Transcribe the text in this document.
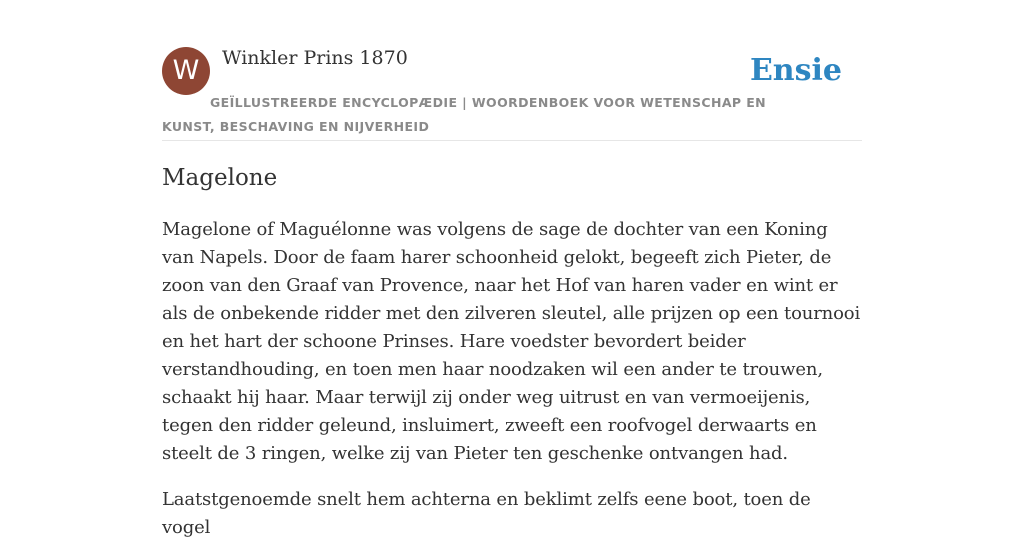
W	Winkler Prins 1870	Ensie
GEÏLLUSTREERDE ENCYCLOPÆDIE | WOORDENBOEK VOOR WETENSCHAP EN KUNST, BESCHAVING EN NIJVERHEID
Magelone

Magelone of Maguélonne was volgens de sage de dochter van een Koning van Napels. Door de faam harer schoonheid gelokt, begeeft zich Pieter, de zoon van den Graaf van Provence, naar het Hof van haren vader en wint er als de onbekende ridder met den zilveren sleutel, alle prijzen op een tournooi en het hart der schoone Prinses. Hare voedster bevordert beider verstandhouding, en toen men haar noodzaken wil een ander te trouwen, schaakt hij haar. Maar terwijl zij onder weg uitrust en van vermoeijenis, tegen den ridder geleund, insluimert, zweeft een roofvogel derwaarts en steelt de 3 ringen, welke zij van Pieter ten geschenke ontvangen had.

Laatstgenoemde snelt hem achterna en beklimt zelfs eene boot, toen de vogel
